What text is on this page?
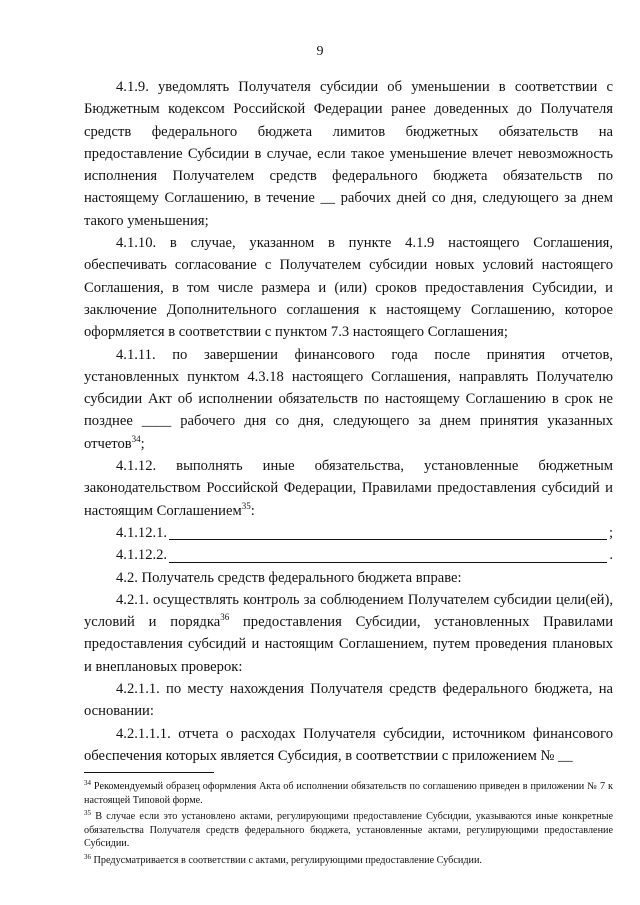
9

4.1.9. уведомлять Получателя субсидии об уменьшении в соответствии с Бюджетным кодексом Российской Федерации ранее доведенных до Получателя средств федерального бюджета лимитов бюджетных обязательств на предоставление Субсидии в случае, если такое уменьшение влечет невозможность исполнения Получателем средств федерального бюджета обязательств по настоящему Соглашению, в течение __ рабочих дней со дня, следующего за днем такого уменьшения;

4.1.10. в случае, указанном в пункте 4.1.9 настоящего Соглашения, обеспечивать согласование с Получателем субсидии новых условий настоящего Соглашения, в том числе размера и (или) сроков предоставления Субсидии, и заключение Дополнительного соглашения к настоящему Соглашению, которое оформляется в соответствии с пунктом 7.3 настоящего Соглашения;

4.1.11. по завершении финансового года после принятия отчетов, установленных пунктом 4.3.18 настоящего Соглашения, направлять Получателю субсидии Акт об исполнении обязательств по настоящему Соглашению в срок не позднее ____ рабочего дня со дня, следующего за днем принятия указанных отчетов$^{34}$;

4.1.12. выполнять иные обязательства, установленные бюджетным законодательством Российской Федерации, Правилами предоставления субсидий и настоящим Соглашением$^{35}$:

4.1.12.1.	;
4.1.12.2.	.

4.2. Получатель средств федерального бюджета вправе:

4.2.1. осуществлять контроль за соблюдением Получателем субсидии цели(ей), условий и порядка$^{36}$ предоставления Субсидии, установленных Правилами предоставления субсидий и настоящим Соглашением, путем проведения плановых и внеплановых проверок:

4.2.1.1. по месту нахождения Получателя средств федерального бюджета, на основании:

4.2.1.1.1. отчета о расходах Получателя субсидии, источником финансового обеспечения которых является Субсидия, в соответствии с приложением № __

$^{34}$ Рекомендуемый образец оформления Акта об исполнении обязательств по соглашению приведен в приложении № 7 к настоящей Типовой форме.

$^{35}$ В случае если это установлено актами, регулирующими предоставление Субсидии, указываются иные конкретные обязательства Получателя средств федерального бюджета, установленные актами, регулирующими предоставление Субсидии.

$^{36}$ Предусматривается в соответствии с актами, регулирующими предоставление Субсидии.
